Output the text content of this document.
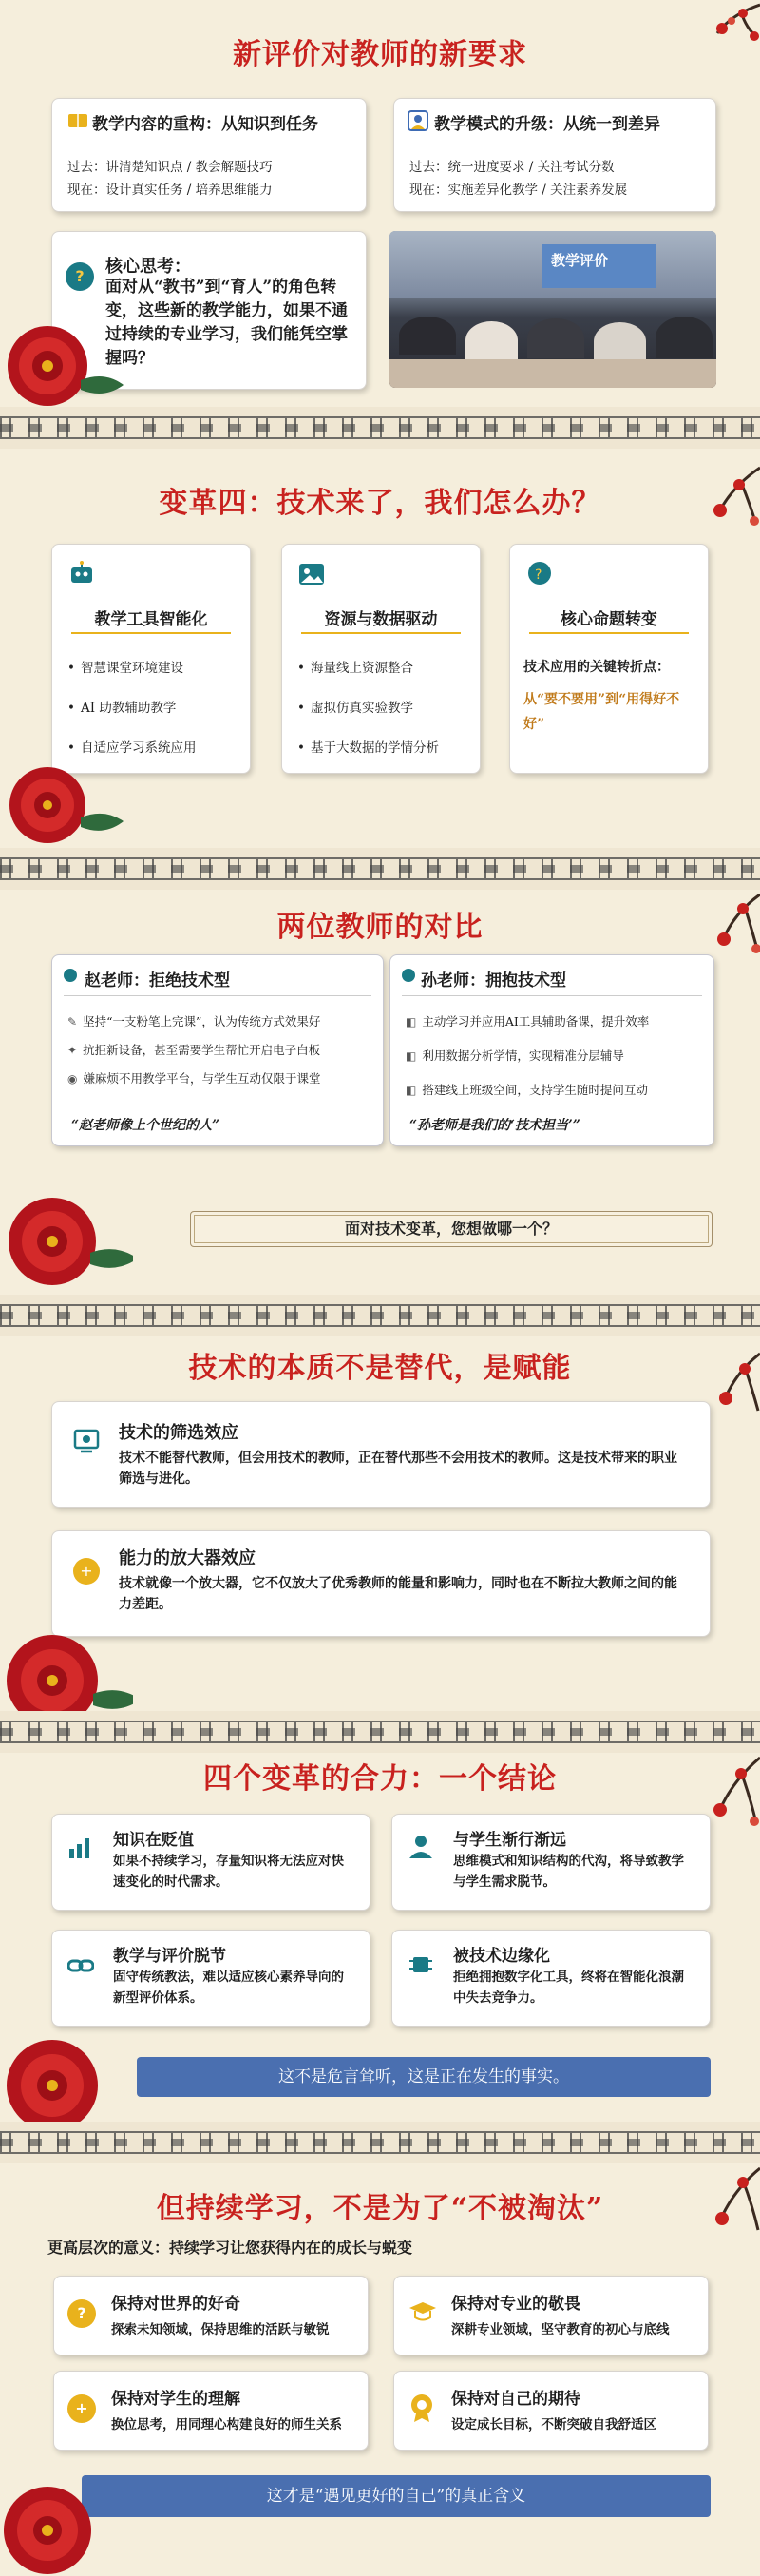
新评价对教师的新要求
教学内容的重构：从知识到任务
过去：讲清楚知识点 / 教会解题技巧
现在：设计真实任务 / 培养思维能力
教学模式的升级：从统一到差异
过去：统一进度要求 / 关注考试分数
现在：实施差异化教学 / 关注素养发展
?	核心思考：
面对从“教书”到“育人”的角色转变，这些新的教学能力，如果不通过持续的专业学习，我们能凭空掌握吗？
教学评价
变革四：技术来了，我们怎么办？
教学工具智能化
• 智慧课堂环境建设
• AI 助教辅助教学
• 自适应学习系统应用
资源与数据驱动
• 海量线上资源整合
• 虚拟仿真实验教学
• 基于大数据的学情分析
?
核心命题转变
技术应用的关键转折点：
从“要不要用”到“用得好不好”
两位教师的对比
赵老师：拒绝技术型
✎ 坚持“一支粉笔上完课”，认为传统方式效果好
✦ 抗拒新设备，甚至需要学生帮忙开启电子白板
◉ 嫌麻烦不用教学平台，与学生互动仅限于课堂
“赵老师像上个世纪的人”
孙老师：拥抱技术型
◧ 主动学习并应用AI工具辅助备课，提升效率
◧ 利用数据分析学情，实现精准分层辅导
◧ 搭建线上班级空间，支持学生随时提问互动
“孙老师是我们的‘技术担当’”
面对技术变革，您想做哪一个？
技术的本质不是替代，是赋能
技术的筛选效应
技术不能替代教师，但会用技术的教师，正在替代那些不会用技术的教师。这是技术带来的职业筛选与进化。
+
能力的放大器效应
技术就像一个放大器，它不仅放大了优秀教师的能量和影响力，同时也在不断拉大教师之间的能力差距。
四个变革的合力：一个结论
知识在贬值
如果不持续学习，存量知识将无法应对快速变化的时代需求。
与学生渐行渐远
思维模式和知识结构的代沟，将导致教学与学生需求脱节。
教学与评价脱节
固守传统教法，难以适应核心素养导向的新型评价体系。
被技术边缘化
拒绝拥抱数字化工具，终将在智能化浪潮中失去竞争力。
这不是危言耸听，这是正在发生的事实。
但持续学习，不是为了“不被淘汰”
更高层次的意义：持续学习让您获得内在的成长与蜕变
?	保持对世界的好奇
探索未知领域，保持思维的活跃与敏锐
保持对专业的敬畏
深耕专业领域，坚守教育的初心与底线
+	保持对学生的理解
换位思考，用同理心构建良好的师生关系
保持对自己的期待
设定成长目标，不断突破自我舒适区
这才是“遇见更好的自己”的真正含义
